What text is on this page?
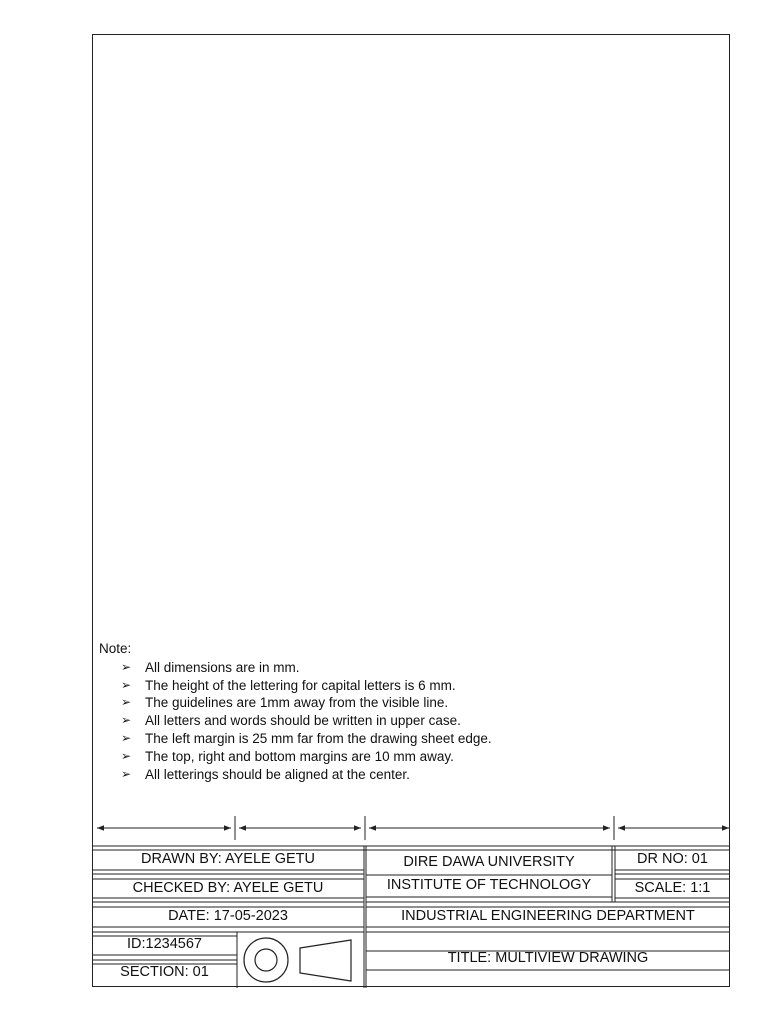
Note:
➢ All dimensions are in mm.
➢ The height of the lettering for capital letters is 6 mm.
➢ The guidelines are 1mm away from the visible line.
➢ All letters and words should be written in upper case.
➢ The left margin is 25 mm far from the drawing sheet edge.
➢ The top, right and bottom margins are 10 mm away.
➢ All letterings should be aligned at the center.
DRAWN BY: AYELE GETU
CHECKED BY: AYELE GETU
DATE: 17-05-2023
ID:1234567
SECTION: 01
DIRE DAWA UNIVERSITY
INSTITUTE OF TECHNOLOGY
INDUSTRIAL ENGINEERING DEPARTMENT
TITLE: MULTIVIEW DRAWING
DR NO: 01
SCALE: 1:1
